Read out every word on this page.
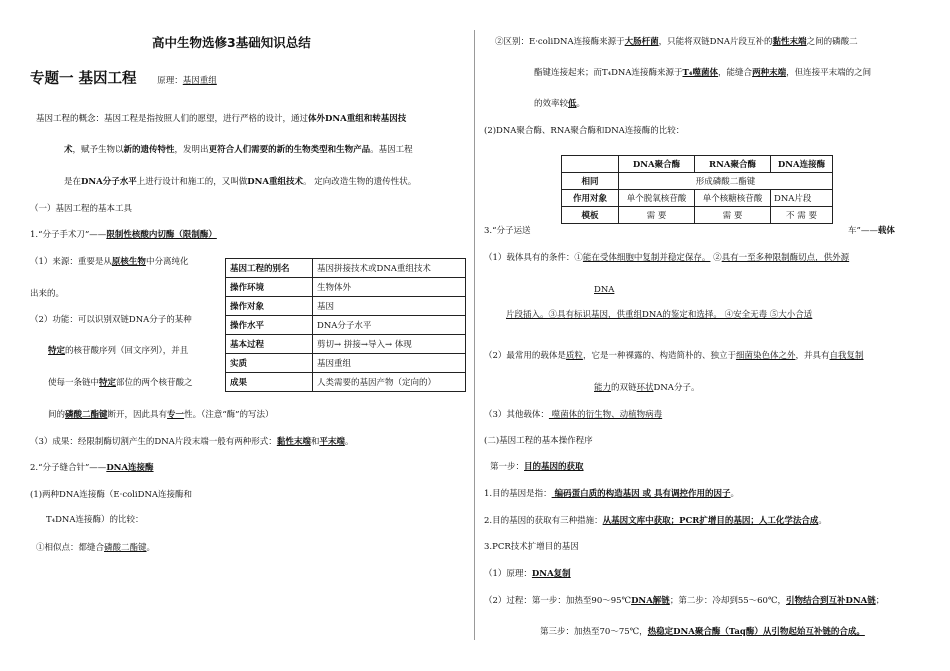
高中生物选修3基础知识总结
专题一 基因工程 原理：基因重组
基因工程的概念：基因工程是指按照人们的愿望，进行严格的设计，通过体外DNA重组和转基因技
术，赋予生物以新的遗传特性，发明出更符合人们需要的新的生物类型和生物产品。基因工程
是在DNA分子水平上进行设计和施工的，又叫做DNA重组技术。 定向改造生物的遗传性状。
（一）基因工程的基本工具
1.“分子手术刀”——限制性核酸内切酶（限制酶）
（1）来源：重要是从原核生物中分离纯化
出来的。
（2）功能：可以识别双链DNA分子的某种
特定的核苷酸序列（回文序列），并且
使每一条链中特定部位的两个核苷酸之
间的磷酸二酯键断开，因此具有专一性。（注意“酶”的写法）
（3）成果：经限制酶切割产生的DNA片段末端一般有两种形式：黏性末端和平末端。
2.“分子缝合针”——DNA连接酶
(1)两种DNA连接酶（E·coliDNA连接酶和
T₄DNA连接酶）的比较：
①相似点：都缝合磷酸二酯键。
基因工程的别名	基因拼接技术或DNA重组技术
操作环境	生物体外
操作对象	基因
操作水平	DNA分子水平
基本过程	剪切→ 拼接→导入→ 体现
实质	基因重组
成果	人类需要的基因产物（定向的）
②区别：E·coliDNA连接酶来源于大肠杆菌，只能将双链DNA片段互补的黏性末端之间的磷酸二
酯键连接起来；而T₄DNA连接酶来源于T₄噬菌体，能缝合两种末端，但连接平末端的之间
的效率较低。
(2)DNA聚合酶、RNA聚合酶和DNA连接酶的比较：
	DNA聚合酶	RNA聚合酶	DNA连接酶
相同	形成磷酸二酯键		
作用对象	单个脱氧核苷酸	单个核糖核苷酸	DNA片段
模板	需 要	需 要	不 需 要
3.“分子运送	车”——载体
（1）载体具有的条件：①能在受体细胞中复制并稳定保存。 ②具有一至多种限制酶切点，供外源
DNA
片段插入。③具有标识基因，供重组DNA的鉴定和选择。 ④安全无毒 ⑤大小合适
（2）最常用的载体是质粒，它是一种裸露的、构造简朴的、独立于细菌染色体之外，并具有自我复制
能力的双链环状DNA分子。
（3）其他载体： 噬菌体的衍生物、动植物病毒
(二)基因工程的基本操作程序
第一步：目的基因的获取
1.目的基因是指： 编码蛋白质的构造基因 或 具有调控作用的因子。
2.目的基因的获取有三种措施：从基因文库中获取；PCR扩增目的基因；人工化学法合成。
3.PCR技术扩增目的基因
（1）原理：DNA复制
（2）过程：第一步：加热至90～95℃DNA解链；第二步：冷却到55～60℃，引物结合到互补DNA链；
第三步：加热至70～75℃，热稳定DNA聚合酶（Taq酶）从引物起始互补链的合成。
